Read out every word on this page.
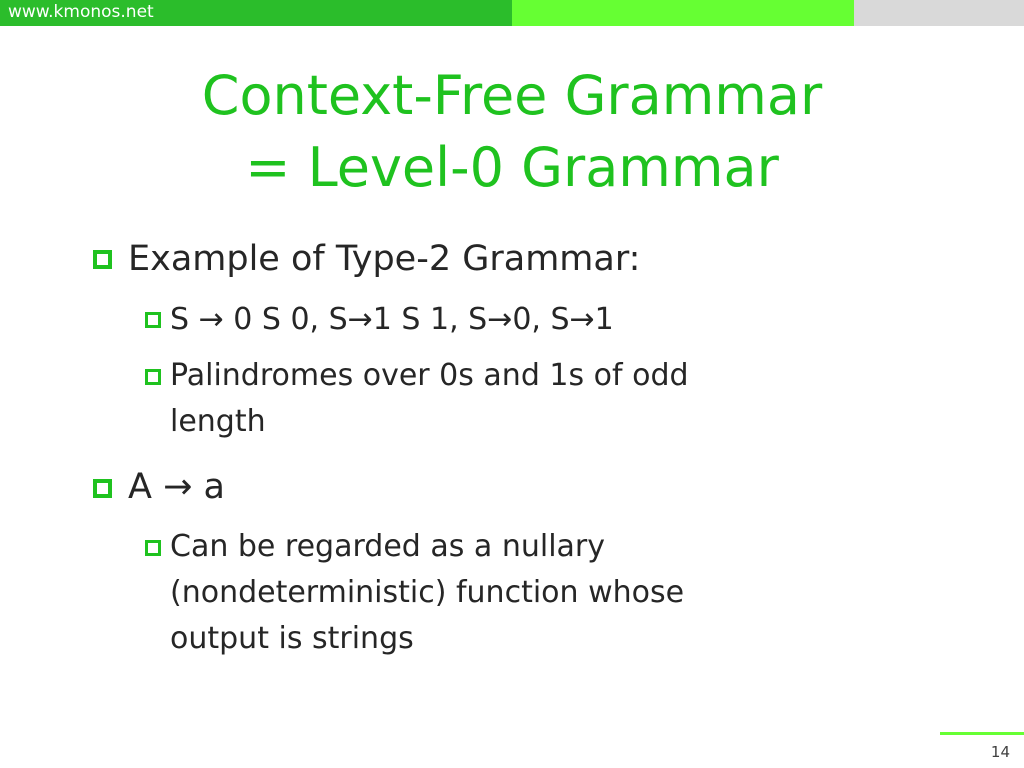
www.kmonos.net
Context-Free Grammar
= Level-0 Grammar
Example of Type-2 Grammar:
S → 0 S 0, S→1 S 1, S→0, S→1
Palindromes over 0s and 1s of odd
length
A → a
Can be regarded as a nullary
(nondeterministic) function whose
output is strings
14
